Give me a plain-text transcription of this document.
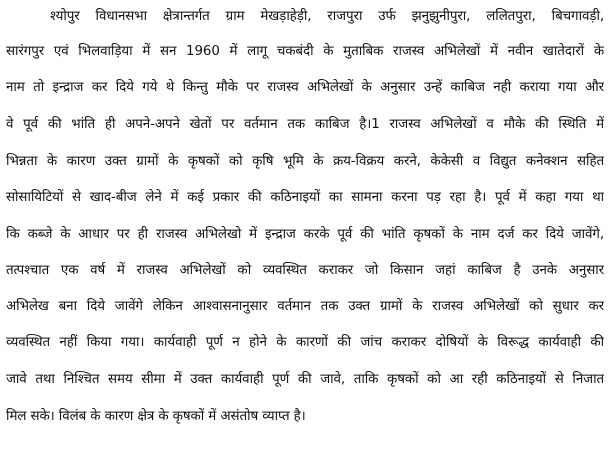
श्योपुर विधानसभा क्षेत्रान्तर्गत ग्राम मेखड़ाहेड़ी, राजपुरा उर्फ झनुझुनीपुरा, ललितपुरा, बिचगावड़ी,
सारंगपुर एवं भिलवाड़िया में सन 1960 में लागू चकबंदी के मुताबिक राजस्व अभिलेखों में नवीन खातेदारों के
नाम तो इन्द्राज कर दिये गये थे किन्तु मौके पर राजस्व अभिलेखों के अनुसार उन्हें काबिज नही कराया गया और
वे पूर्व की भांति ही अपने-अपने खेतों पर वर्तमान तक काबिज है।1 राजस्व अभिलेखों व मौके की स्थिति में
भिन्नता के कारण उक्त ग्रामों के कृषकों को कृषि भूमि के क्रय-विक्रय करने, केकेसी व विद्युत कनेक्शन सहित
सोसायिटियों से खाद-बीज लेने में कई प्रकार की कठिनाइयों का सामना करना पड़ रहा है। पूर्व में कहा गया था
कि कब्जे के आधार पर ही राजस्व अभिलेखो में इन्द्राज करके पूर्व की भांति कृषकों के नाम दर्ज कर दिये जावेंगे,
तत्पश्चात एक वर्ष में राजस्व अभिलेखों को व्यवस्थित कराकर जो किसान जहां काबिज है उनके अनुसार
अभिलेख बना दिये जावेंगे लेकिन आश्वासनानुसार वर्तमान तक उक्त ग्रामों के राजस्व अभिलेखों को सुधार कर
व्यवस्थित नहीं किया गया। कार्यवाही पूर्ण न होने के कारणों की जांच कराकर दोषियों के विरूद्ध कार्यवाही की
जावे तथा निश्चित समय सीमा में उक्त कार्यवाही पूर्ण की जावे, ताकि कृषकों को आ रही कठिनाइयों से निजात
मिल सके। विलंब के कारण क्षेत्र के कृषकों में असंतोष व्याप्त है।
